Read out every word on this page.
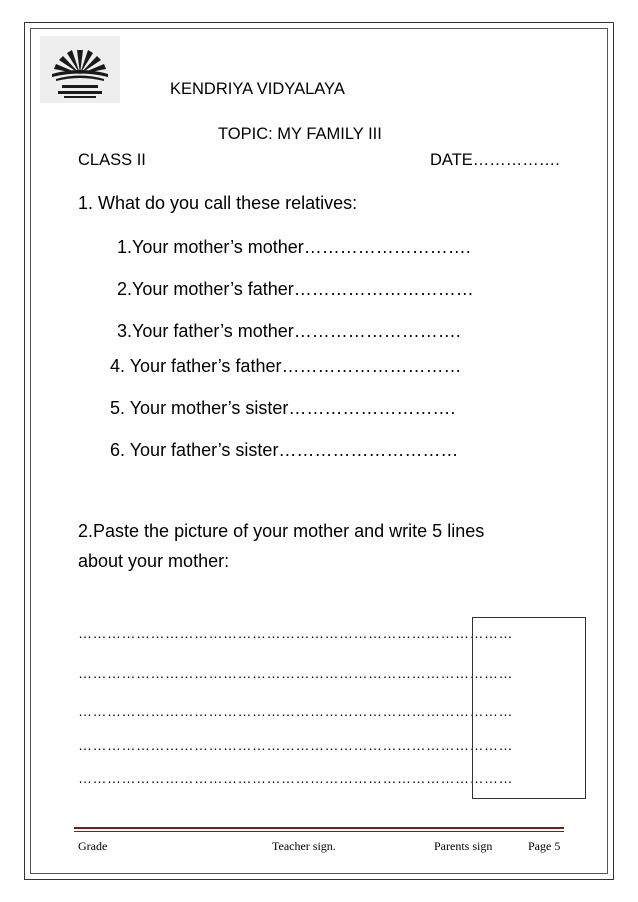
KENDRIYA VIDYALAYA
TOPIC: MY FAMILY III
CLASS II	DATE…………….
1. What do you call these relatives:
1.Your mother’s mother……………………….
2.Your mother’s father…………………………
3.Your father’s mother……………………….
4. Your father’s father…………………………
5. Your mother’s sister……………………….
6. Your father’s sister…………………………
2.Paste the picture of your mother and write 5 lines
about your mother:
………………………………………………………………………………
………………………………………………………………………………
………………………………………………………………………………
………………………………………………………………………………
………………………………………………………………………………
Grade	Teacher sign.	Parents sign	Page 5
